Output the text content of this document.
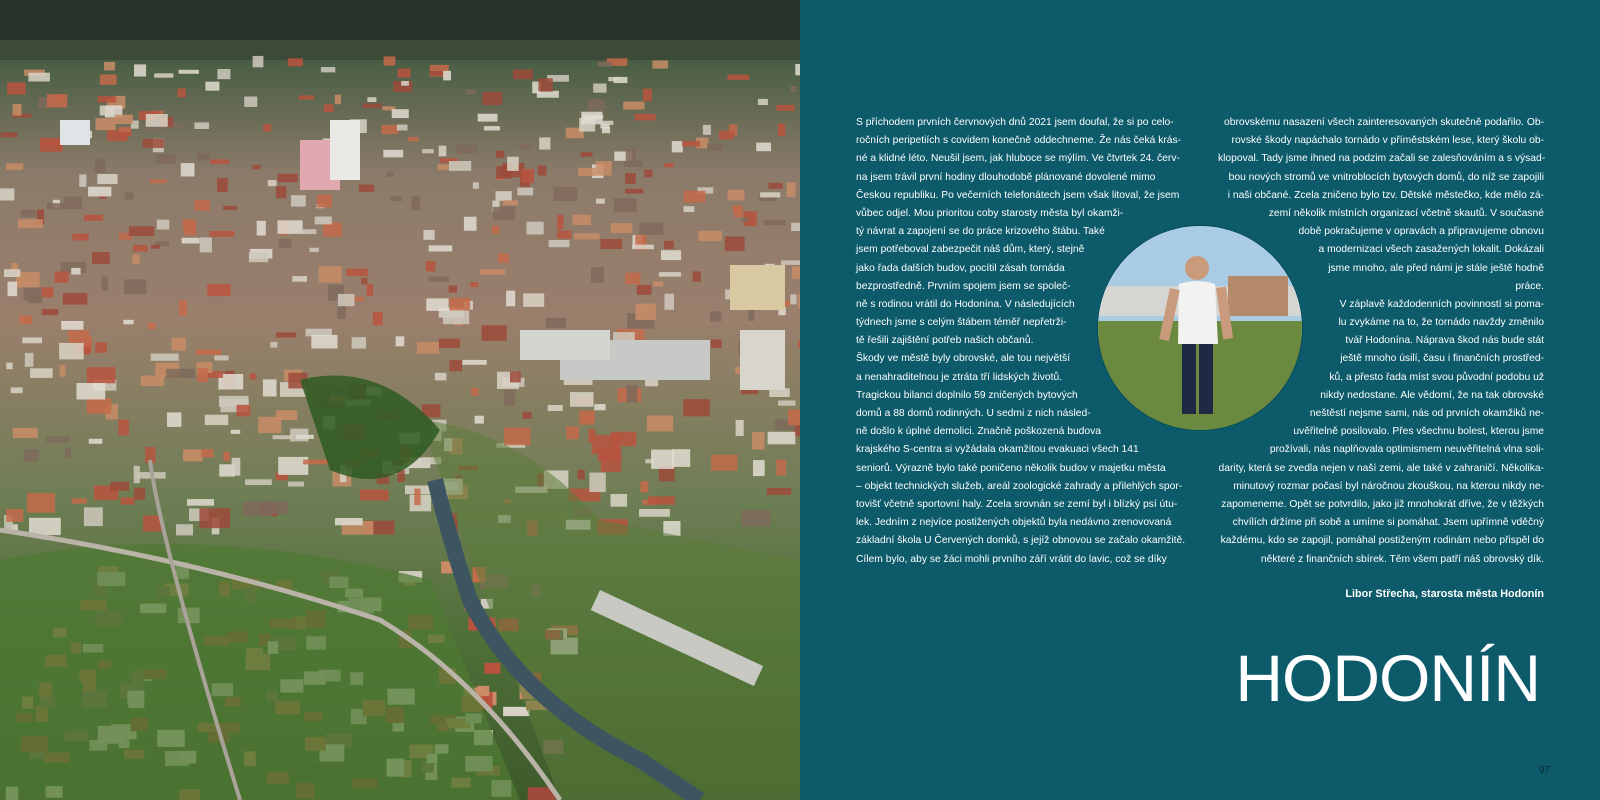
S příchodem prvních červnových dnů 2021 jsem doufal, že si po celo-
ročních peripetiích s covidem konečně oddechneme. Že nás čeká krás-
né a klidné léto. Neušil jsem, jak hluboce se mýlím. Ve čtvrtek 24. červ-
na jsem trávil první hodiny dlouhodobě plánované dovolené mimo
Českou republiku. Po večerních telefonátech jsem však litoval, že jsem
vůbec odjel. Mou prioritou coby starosty města byl okamži-
tý návrat a zapojení se do práce krizového štábu. Také
jsem potřeboval zabezpečit náš dům, který, stejně
jako řada dalších budov, pocítil zásah tornáda
bezprostředně. Prvním spojem jsem se společ-
ně s rodinou vrátil do Hodonína. V následujících
týdnech jsme s celým štábem téměř nepřetrži-
tě řešili zajištění potřeb našich občanů.
Škody ve městě byly obrovské, ale tou největší
a nenahraditelnou je ztráta tří lidských životů.
Tragickou bilanci doplnilo 59 zničených bytových
domů a 88 domů rodinných. U sedmi z nich násled-
ně došlo k úplné demolici. Značně poškozená budova
krajského S-centra si vyžádala okamžitou evakuaci všech 141
seniorů. Výrazně bylo také poničeno několik budov v majetku města
– objekt technických služeb, areál zoologické zahrady a přilehlých spor-
tovišť včetně sportovní haly. Zcela srovnán se zemí byl i blízký psí útu-
lek. Jedním z nejvíce postižených objektů byla nedávno zrenovovaná
základní škola U Červených domků, s jejíž obnovou se začalo okamžitě.
Cílem bylo, aby se žáci mohli prvního září vrátit do lavic, což se díky
obrovskému nasazení všech zainteresovaných skutečně podařilo. Ob-
rovské škody napáchalo tornádo v příměstském lese, který školu ob-
klopoval. Tady jsme ihned na podzim začali se zalesňováním a s výsad-
bou nových stromů ve vnitroblocích bytových domů, do níž se zapojili
i naši občané. Zcela zničeno bylo tzv. Dětské městečko, kde mělo zá-
zemí několik místních organizací včetně skautů. V současné
době pokračujeme v opravách a připravujeme obnovu
a modernizaci všech zasažených lokalit. Dokázali
jsme mnoho, ale před námi je stále ještě hodně
práce.
V záplavě každodenních povinností si poma-
lu zvykáme na to, že tornádo navždy změnilo
tvář Hodonína. Náprava škod nás bude stát
ještě mnoho úsilí, času i finančních prostřed-
ků, a přesto řada míst svou původní podobu už
nikdy nedostane. Ale vědomí, že na tak obrovské
neštěstí nejsme sami, nás od prvních okamžiků ne-
uvěřitelně posilovalo. Přes všechnu bolest, kterou jsme
prožívali, nás naplňovala optimismem neuvěřitelná vlna soli-
darity, která se zvedla nejen v naší zemi, ale také v zahraničí. Několika-
minutový rozmar počasí byl náročnou zkouškou, na kterou nikdy ne-
zapomeneme. Opět se potvrdilo, jako již mnohokrát dříve, že v těžkých
chvílích držíme při sobě a umíme si pomáhat. Jsem upřímně vděčný
každému, kdo se zapojil, pomáhal postiženým rodinám nebo přispěl do
některé z finančních sbírek. Těm všem patří náš obrovský dík.
Libor Střecha, starosta města Hodonín
HODONÍN
97
